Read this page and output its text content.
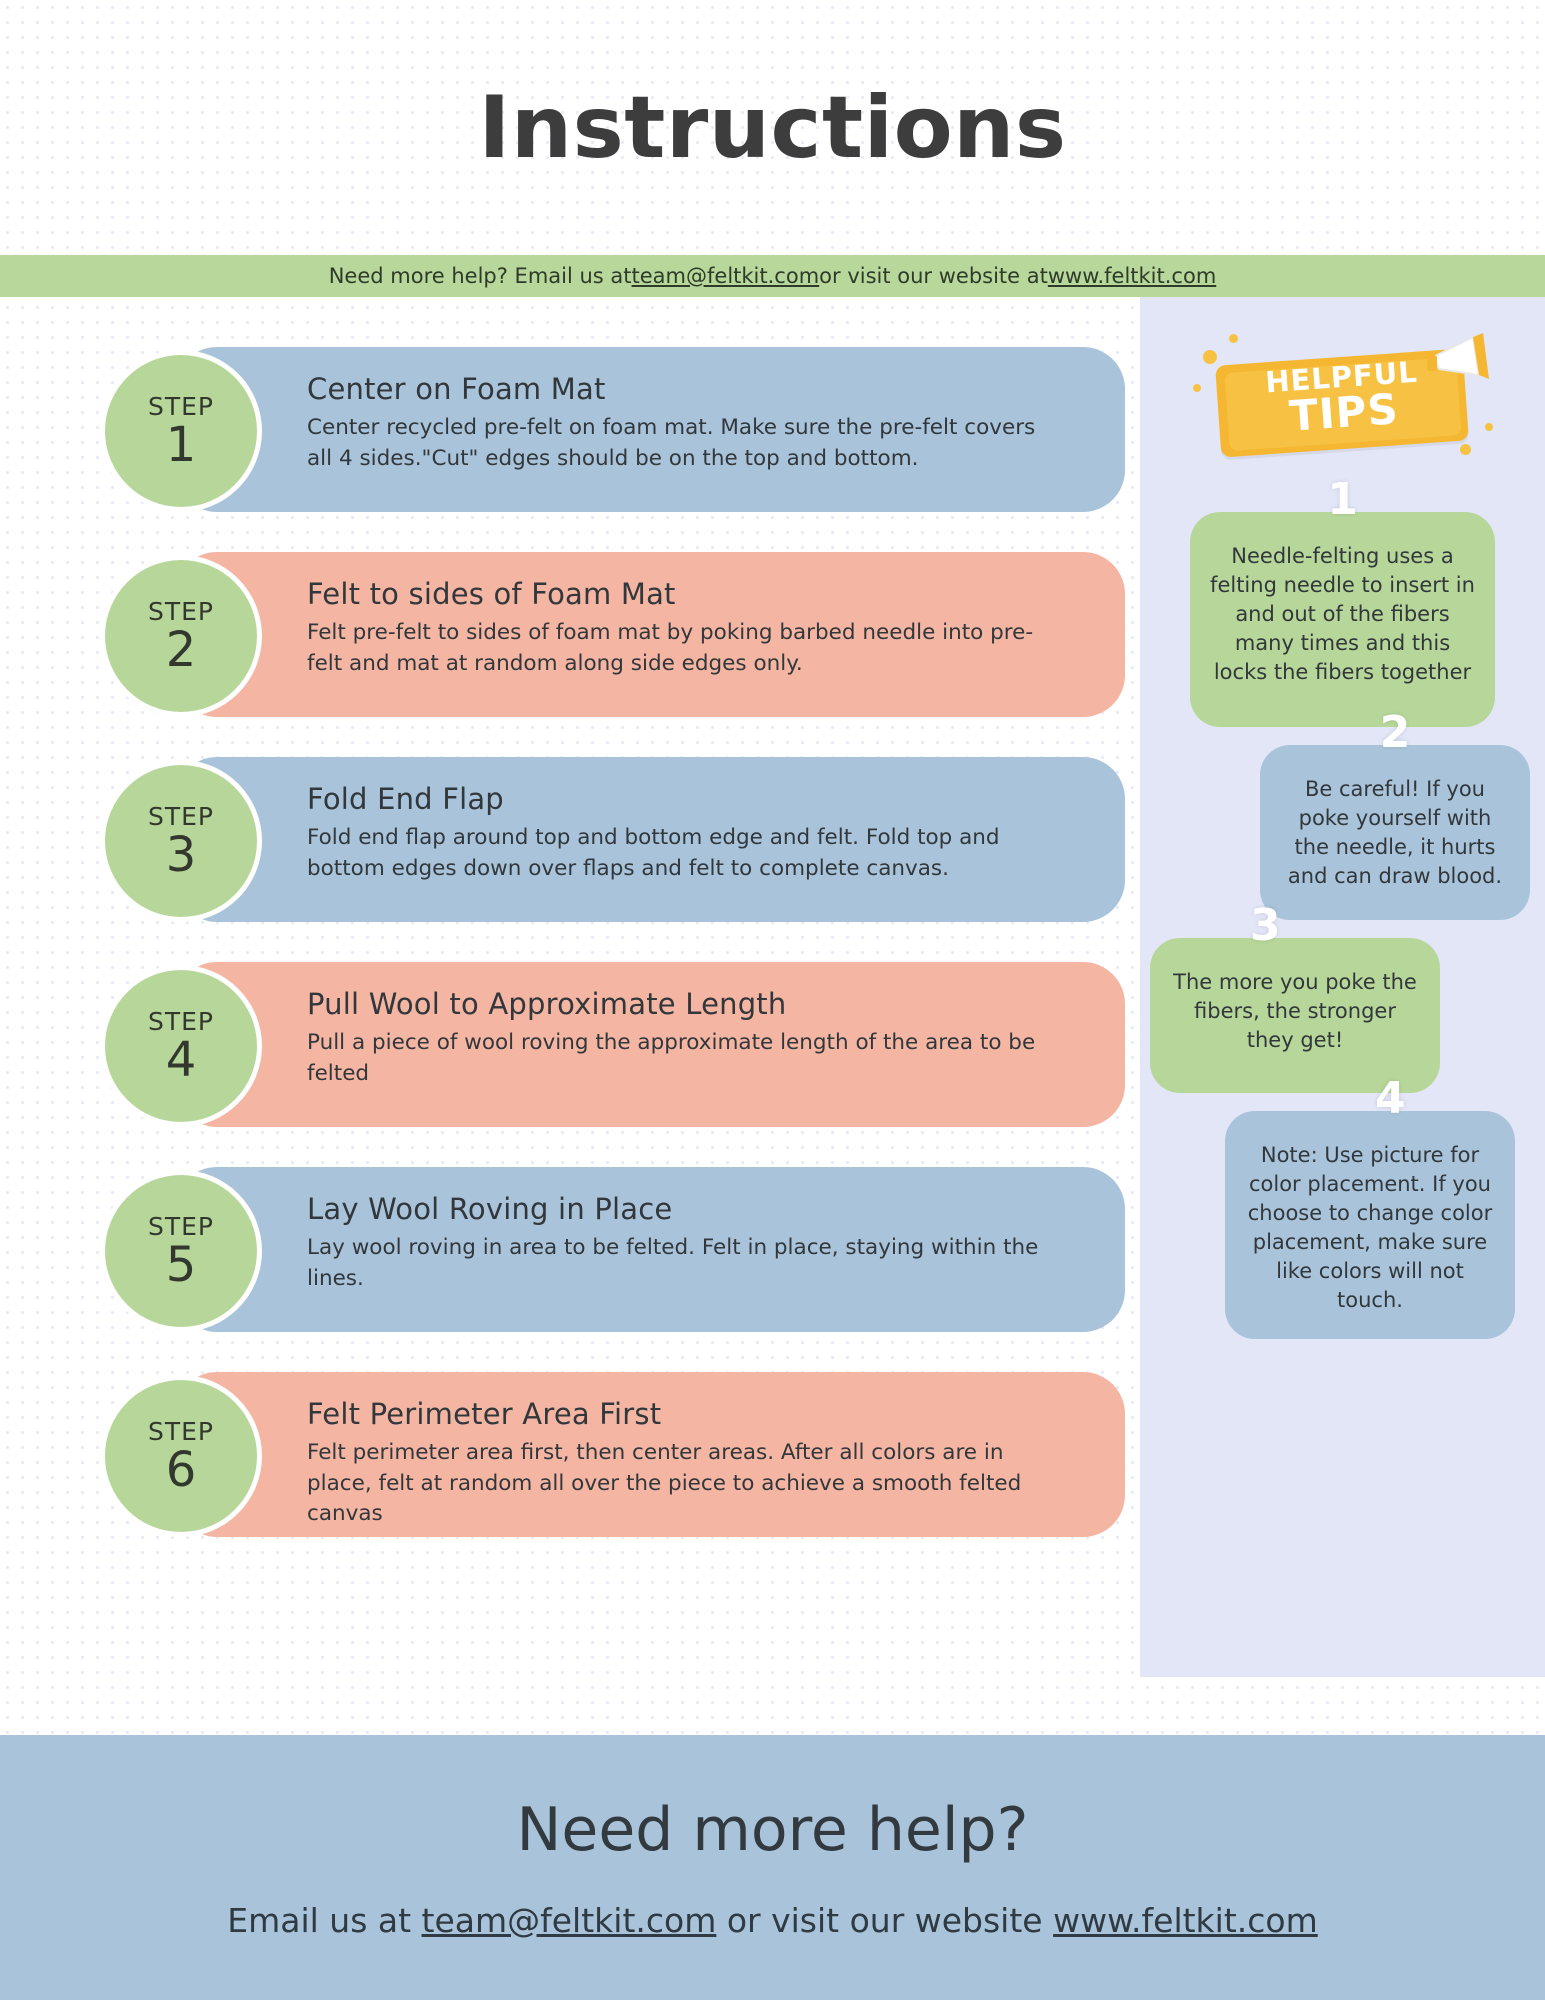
Instructions
Need more help? Email us at team@feltkit.com or visit our website at www.feltkit.com
Center on Foam Mat

Center recycled pre-felt on foam mat. Make sure the pre-felt covers all 4 sides."Cut" edges should be on the top and bottom.

STEP
1
Felt to sides of Foam Mat

Felt pre-felt to sides of foam mat by poking barbed needle into pre-felt and mat at random along side edges only.

STEP
2
Fold End Flap

Fold end flap around top and bottom edge and felt. Fold top and bottom edges down over flaps and felt to complete canvas.

STEP
3
Pull Wool to Approximate Length

Pull a piece of wool roving the approximate length of the area to be felted

STEP
4
Lay Wool Roving in Place

Lay wool roving in area to be felted. Felt in place, staying within the lines.

STEP
5
Felt Perimeter Area First

Felt perimeter area first, then center areas. After all colors are in place, felt at random all over the piece to achieve a smooth felted canvas

STEP
6
HELPFUL
TIPS
1
Needle-felting uses a felting needle to insert in and out of the fibers many times and this locks the fibers together
2
Be careful! If you poke yourself with the needle, it hurts and can draw blood.
3
The more you poke the fibers, the stronger they get!
4
Note: Use picture for color placement. If you choose to change color placement, make sure like colors will not touch.
Need more help?
Email us at team@feltkit.com or visit our website www.feltkit.com
